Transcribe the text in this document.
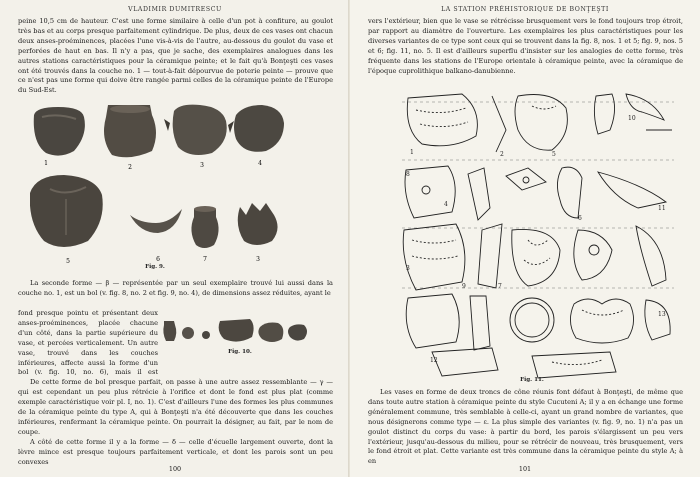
VLADIMIR DUMITRESCU

peine 10,5 cm de hauteur. C'est une forme similaire à celle d'un pot à confiture, au goulot très bas et au corps presque parfaitement cylindrique. De plus, deux de ces vases ont chacun deux anses-proéminences, placées l'une vis-à-vis de l'autre, au-dessous du goulot du vase et perforées de haut en bas. Il n'y a pas, que je sache, des exemplaires analogues dans les autres stations caractéristiques pour la céramique peinte; et le fait qu'à Bonţeşti ces vases ont été trouvés dans la couche no. 1 — tout-à-fait dépourvue de poterie peinte — prouve que ce n'est pas une forme qui doive être rangée parmi celles de la céramique peinte de l'Europe du Sud-Est.

1
2	3	4
5	6	7	3
Fig. 9.

La seconde forme — β — représentée par un seul exemplaire trouvé lui aussi dans la couche no. 1, est un bol (v. fig. 8, no. 2 et fig. 9, no. 4), de dimensions assez réduites, ayant le

fond presque pointu et présentant deux anses-proéminences, placée chacune d'un côté, dans la partie supérieure du vase, et percées verticalement. Un autre vase, trouvé dans les couches inférieures, affecte aussi la forme d'un bol (v. fig. 10, no. 6), mais il est

Fig. 10.

De cette forme de bol presque parfait, on passe à une autre assez ressemblante — γ — qui est cependant un peu plus rétrécie à l'orifice et dont le fond est plus plat (comme exemple caractéristique voir pl. I, no. 1). C'est d'ailleurs l'une des formes les plus communes de la céramique peinte du type A, qui à Bonţeşti n'a été découverte que dans les couches inférieures, renfermant la céramique peinte. On pourrait la désigner, au fait, par le nom de coupe.

A côté de cette forme il y a la forme — δ — celle d'écuelle largement ouverte, dont la lèvre mince est presque toujours parfaitement verticale, et dont les parois sont un peu convexes

100
LA STATION PRÉHISTORIQUE DE BONŢEŞTI

vers l'extérieur, bien que le vase se rétrécisse brusquement vers le fond toujours trop étroit, par rapport au diamètre de l'ouverture. Les exemplaires les plus caractéristiques pour les diverses variantes de ce type sont ceux qui se trouvent dans la fig. 8, nos. 1 et 5; fig. 9, nos. 5 et 6; fig. 11, no. 5. Il est d'ailleurs superflu d'insister sur les analogies de cette forme, très fréquente dans les stations de l'Europe orientale à céramique peinte, avec la céramique de l'époque cuprolithique balkano-danubienne.

1	2
3
4
5
6
7
8
9
10
11
12
13
Fig. 11.

Les vases en forme de deux troncs de cône réunis font défaut à Bonţeşti, de même que dans toute autre station à céramique peinte du style Cucuteni A; il y a en échange une forme généralement commune, très semblable à celle-ci, ayant un grand nombre de variantes, que nous désignerons comme type — ε. La plus simple des variantes (v. fig. 9, no. 1) n'a pas un goulot distinct du corps du vase: à partir du bord, les parois s'élargissent un peu vers l'extérieur, jusqu'au-dessous du milieu, pour se rétrécir de nouveau, très brusquement, vers le fond étroit et plat. Cette variante est très commune dans la céramique peinte du style A; à en

101
